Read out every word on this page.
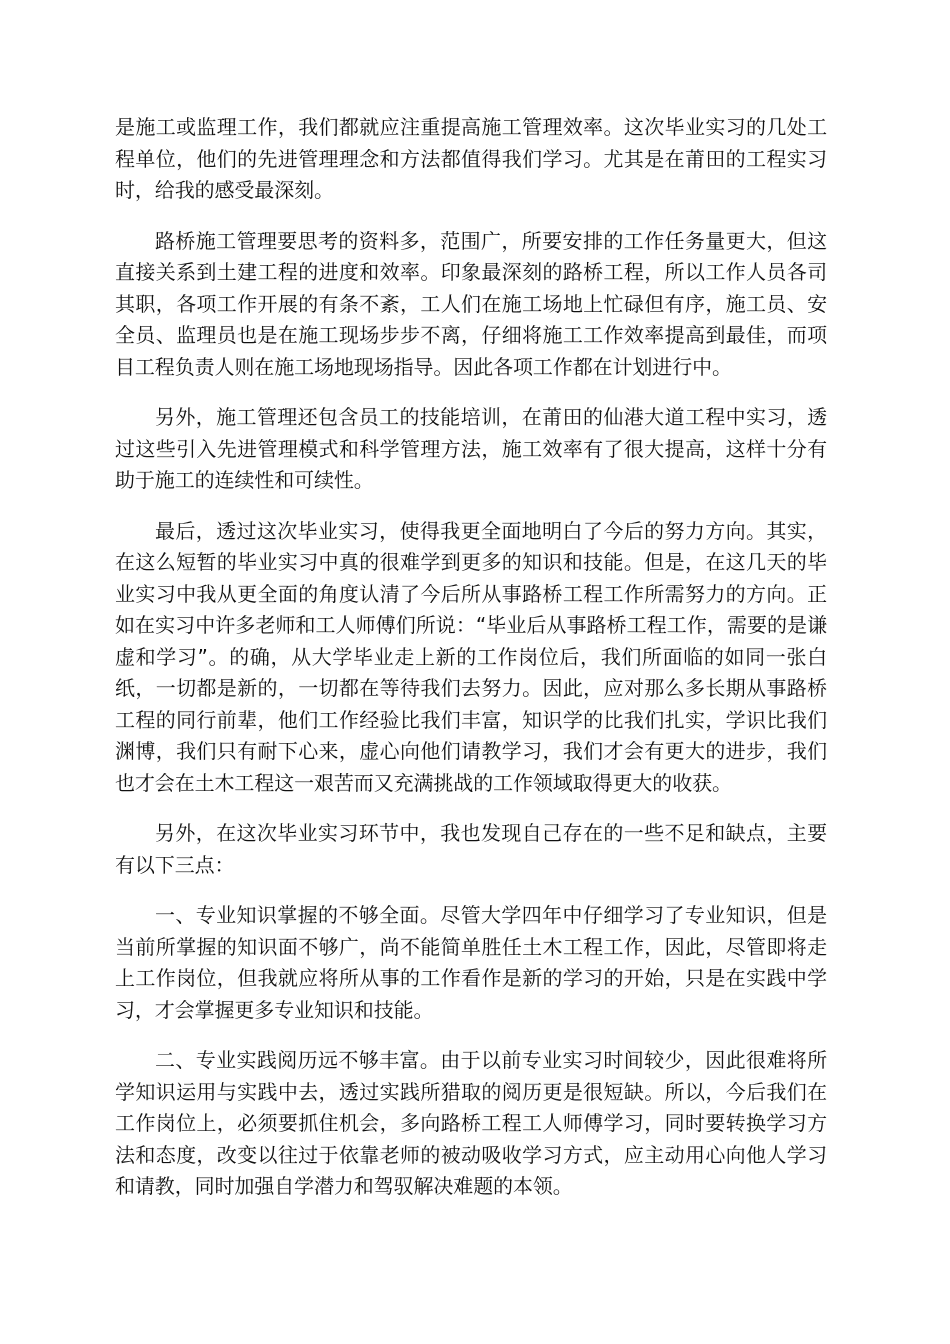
是施工或监理工作，我们都就应注重提高施工管理效率。这次毕业实习的几处工程单位，他们的先进管理理念和方法都值得我们学习。尤其是在莆田的工程实习时，给我的感受最深刻。

路桥施工管理要思考的资料多，范围广，所要安排的工作任务量更大，但这直接关系到土建工程的进度和效率。印象最深刻的路桥工程，所以工作人员各司其职，各项工作开展的有条不紊，工人们在施工场地上忙碌但有序，施工员、安全员、监理员也是在施工现场步步不离，仔细将施工工作效率提高到最佳，而项目工程负责人则在施工场地现场指导。因此各项工作都在计划进行中。

另外，施工管理还包含员工的技能培训，在莆田的仙港大道工程中实习，透过这些引入先进管理模式和科学管理方法，施工效率有了很大提高，这样十分有助于施工的连续性和可续性。

最后，透过这次毕业实习，使得我更全面地明白了今后的努力方向。其实，在这么短暂的毕业实习中真的很难学到更多的知识和技能。但是，在这几天的毕业实习中我从更全面的角度认清了今后所从事路桥工程工作所需努力的方向。正如在实习中许多老师和工人师傅们所说：“毕业后从事路桥工程工作，需要的是谦虚和学习”。的确，从大学毕业走上新的工作岗位后，我们所面临的如同一张白纸，一切都是新的，一切都在等待我们去努力。因此，应对那么多长期从事路桥工程的同行前辈，他们工作经验比我们丰富，知识学的比我们扎实，学识比我们渊博，我们只有耐下心来，虚心向他们请教学习，我们才会有更大的进步，我们也才会在土木工程这一艰苦而又充满挑战的工作领域取得更大的收获。

另外，在这次毕业实习环节中，我也发现自己存在的一些不足和缺点，主要有以下三点：

一、专业知识掌握的不够全面。尽管大学四年中仔细学习了专业知识，但是当前所掌握的知识面不够广，尚不能简单胜任土木工程工作，因此，尽管即将走上工作岗位，但我就应将所从事的工作看作是新的学习的开始，只是在实践中学习，才会掌握更多专业知识和技能。

二、专业实践阅历远不够丰富。由于以前专业实习时间较少，因此很难将所学知识运用与实践中去，透过实践所猎取的阅历更是很短缺。所以，今后我们在工作岗位上，必须要抓住机会，多向路桥工程工人师傅学习，同时要转换学习方法和态度，改变以往过于依靠老师的被动吸收学习方式，应主动用心向他人学习和请教，同时加强自学潜力和驾驭解决难题的本领。
